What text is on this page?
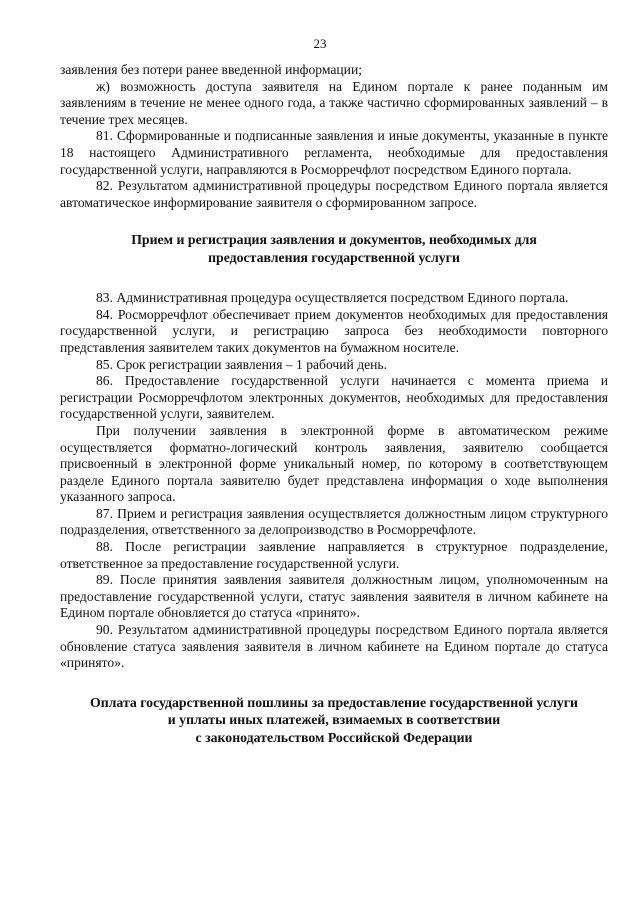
23

заявления без потери ранее введенной информации;

ж) возможность доступа заявителя на Едином портале к ранее поданным им заявлениям в течение не менее одного года, а также частично сформированных заявлений – в течение трех месяцев.

81. Сформированные и подписанные заявления и иные документы, указанные в пункте 18 настоящего Административного регламента, необходимые для предоставления государственной услуги, направляются в Росморречфлот посредством Единого портала.

82. Результатом административной процедуры посредством Единого портала является автоматическое информирование заявителя о сформированном запросе.

Прием и регистрация заявления и документов, необходимых для
предоставления государственной услуги

83. Административная процедура осуществляется посредством Единого портала.

84. Росморречфлот обеспечивает прием документов необходимых для предоставления государственной услуги, и регистрацию запроса без необходимости повторного представления заявителем таких документов на бумажном носителе.

85. Срок регистрации заявления – 1 рабочий день.

86. Предоставление государственной услуги начинается с момента приема и регистрации Росморречфлотом электронных документов, необходимых для предоставления государственной услуги, заявителем.

При получении заявления в электронной форме в автоматическом режиме осуществляется форматно-логический контроль заявления, заявителю сообщается присвоенный в электронной форме уникальный номер, по которому в соответствующем разделе Единого портала заявителю будет представлена информация о ходе выполнения указанного запроса.

87. Прием и регистрация заявления осуществляется должностным лицом структурного подразделения, ответственного за делопроизводство в Росморречфлоте.

88. После регистрации заявление направляется в структурное подразделение, ответственное за предоставление государственной услуги.

89. После принятия заявления заявителя должностным лицом, уполномоченным на предоставление государственной услуги, статус заявления заявителя в личном кабинете на Едином портале обновляется до статуса «принято».

90. Результатом административной процедуры посредством Единого портала является обновление статуса заявления заявителя в личном кабинете на Едином портале до статуса «принято».

Оплата государственной пошлины за предоставление государственной услуги
и уплаты иных платежей, взимаемых в соответствии
с законодательством Российской Федерации
